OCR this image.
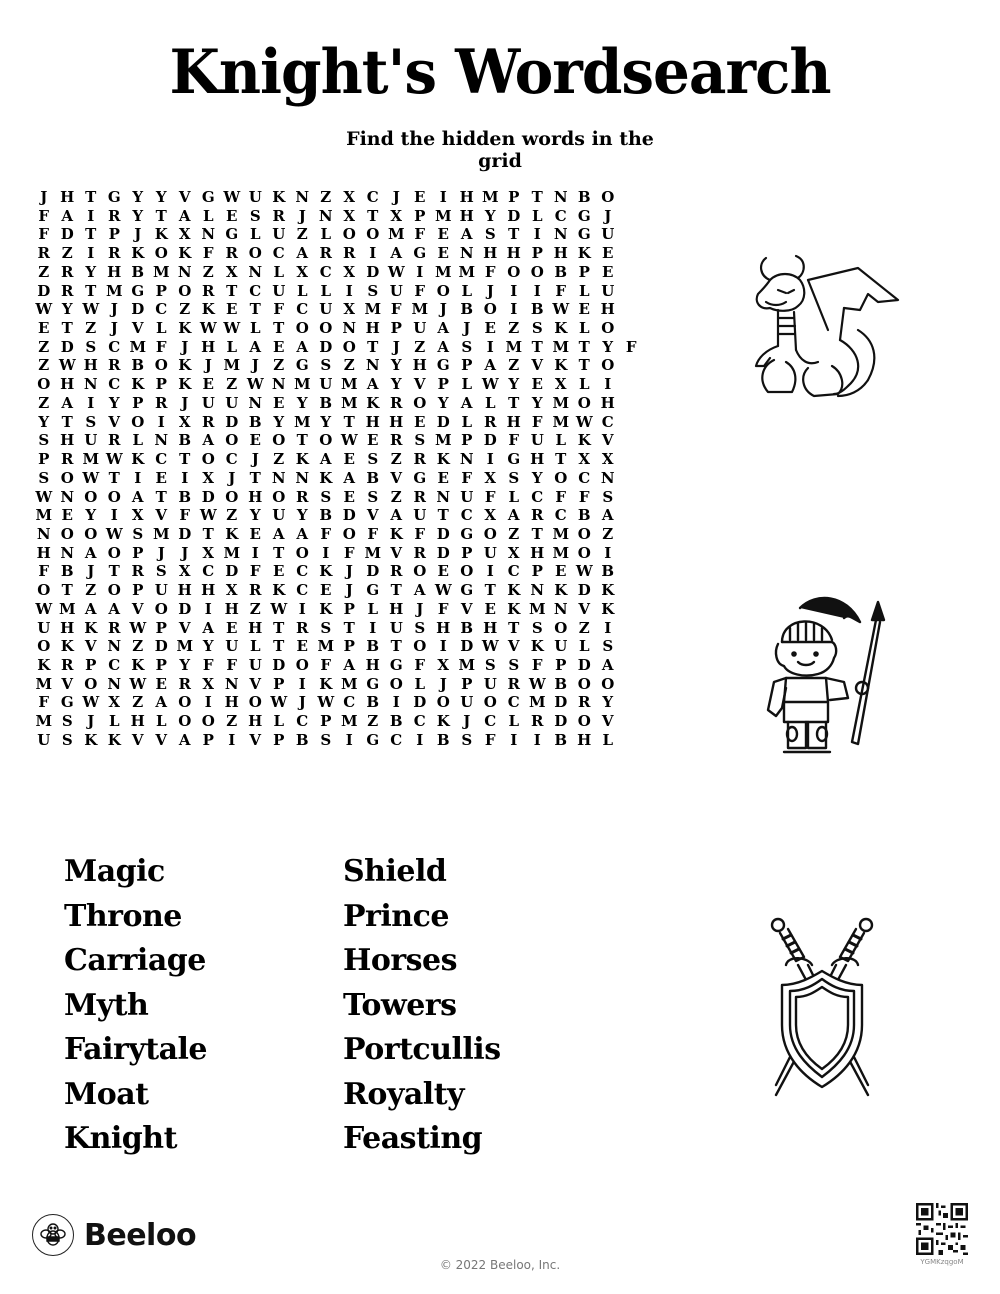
Knight's Wordsearch
Find the hidden words in the grid
J H T G Y Y V G W U K N Z X C J E I H M P T N B O
F A I R Y T A L E S R J N X T X P M H Y D L C G J
F D T P J K X N G L U Z L O O M F E A S T I N G U
R Z I R K O K F R O C A R R I A G E N H H P H K E
Z R Y H B M N Z X N L X C X D W I M M F O O B P E
D R T M G P O R T C U L L I S U F O L J	I	I F L U
W Y W J D C Z K E T F C U X M F M J B O I B W E H
E T Z J V L K W W L T O O N H P U A J E Z S K L O
Z D S C M F J H L A E A D O T J Z A S I M T M T Y F
Z W H R B O K J M J Z G S Z N Y H G P A Z V K T O
O H N C K P K E Z W N M U M A Y V P L W Y E X L I
Z A I Y P R J U U N E Y B M K R O Y A L T Y M O H
Y T S V O I X R D B Y M Y T H H E D L R H F M W C
S H U R L N B A O E O T O W E R S M P D F U L K V
P R M W K C T O C J Z K A E S Z R K N I G H T X X
S O W T I E I X J T N N K A B V G E F X S Y O C N
W N O O A T B D O H O R S E S Z R N U F L C F F S
M E Y I X V F W Z Y U Y B D V A U T C X A R C B A
N O O W S M D T K E A A F O F K F D G O Z T M O Z
H N A O P J	J X M I T O I F M V R D P U X H M O I
F B J T R S X C D F E C K J D R O E O I C P E W B
O T Z O P U H H X R K C E J G T A W G T K N K D K
W M A A V O D I H Z W I K P L H J F V E K M N V K
U H K R W P V A E H T R S T I U S H B H T S O Z I
O K V N Z D M Y U L T E M P B T O I D W V K U L S
K R P C K P Y F F U D O F A H G F X M S S F P D A
M V O N W E R X N V P I K M G O L J P U R W B O O
F G W X Z A O I H O W J W C B I D O U O C M D R Y
M S J L H L O O Z H L C P M Z B C K J C L R D O V
U S K K V V A P I V P B S I G C I B S F I	I B H L
Magic
Throne
Carriage
Myth
Fairytale
Moat
Knight
Shield
Prince
Horses
Towers
Portcullis
Royalty
Feasting
Beeloo
© 2022 Beeloo, Inc.	YGMKzqgoM
